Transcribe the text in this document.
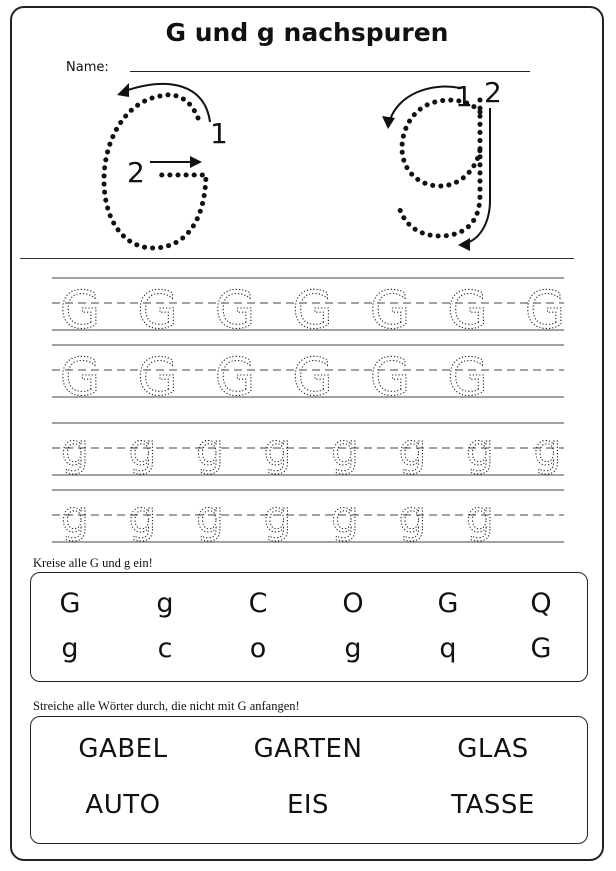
G und g nachspuren
Name:
1
2
1 2
G G G G G G G
G G G G G G
g g g g g g g g
g g g g g g g
Kreise alle G und g ein!
G	g	C	O	G	Q
g	c	o	g	q	G
Streiche alle Wörter durch, die nicht mit G anfangen!
GABEL	GARTEN	GLAS
AUTO	EIS	TASSE
